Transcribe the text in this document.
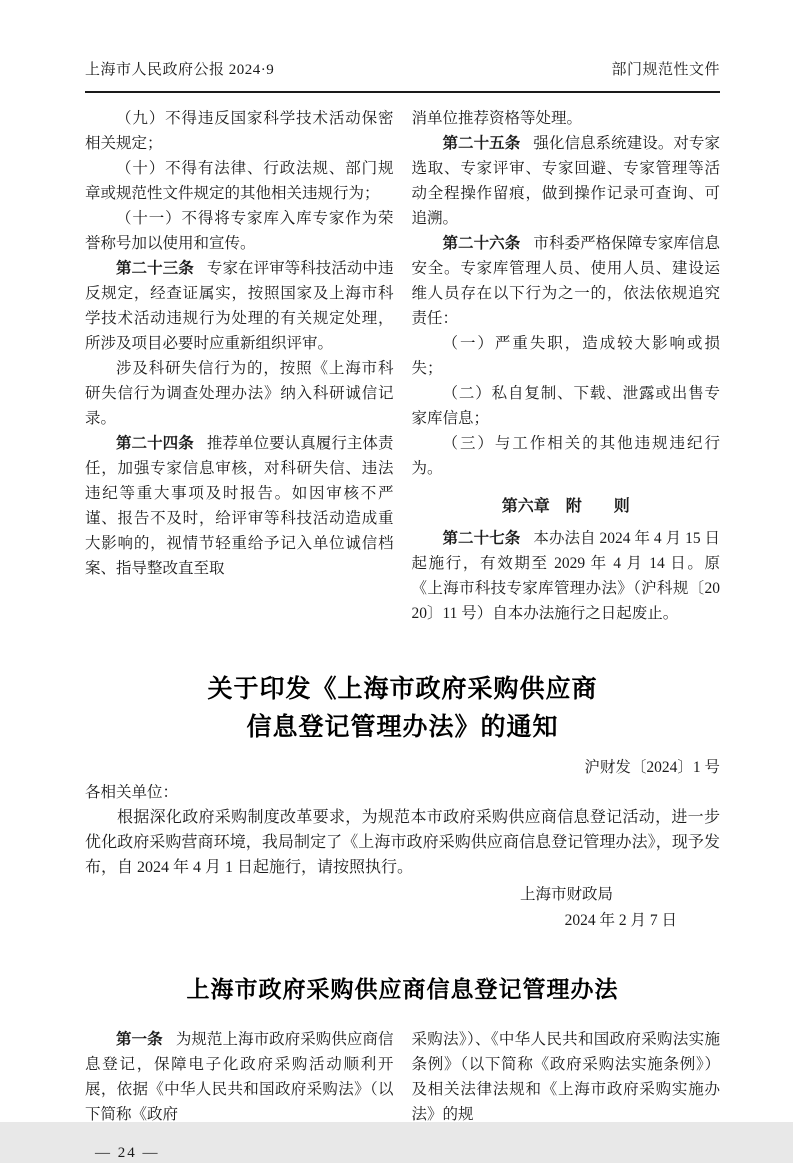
上海市人民政府公报 2024·9	部门规范性文件

（九）不得违反国家科学技术活动保密相关规定；

（十）不得有法律、行政法规、部门规章或规范性文件规定的其他相关违规行为；

（十一）不得将专家库入库专家作为荣誉称号加以使用和宣传。

第二十三条 专家在评审等科技活动中违反规定，经查证属实，按照国家及上海市科学技术活动违规行为处理的有关规定处理，所涉及项目必要时应重新组织评审。

涉及科研失信行为的，按照《上海市科研失信行为调查处理办法》纳入科研诚信记录。

第二十四条 推荐单位要认真履行主体责任，加强专家信息审核，对科研失信、违法违纪等重大事项及时报告。如因审核不严谨、报告不及时，给评审等科技活动造成重大影响的，视情节轻重给予记入单位诚信档案、指导整改直至取

消单位推荐资格等处理。

第二十五条 强化信息系统建设。对专家选取、专家评审、专家回避、专家管理等活动全程操作留痕，做到操作记录可查询、可追溯。

第二十六条 市科委严格保障专家库信息安全。专家库管理人员、使用人员、建设运维人员存在以下行为之一的，依法依规追究责任：

（一）严重失职，造成较大影响或损失；

（二）私自复制、下载、泄露或出售专家库信息；

（三）与工作相关的其他违规违纪行为。

第六章　附　　则

第二十七条 本办法自 2024 年 4 月 15 日起施行，有效期至 2029 年 4 月 14 日。原《上海市科技专家库管理办法》（沪科规〔2020〕11 号）自本办法施行之日起废止。

关于印发《上海市政府采购供应商
信息登记管理办法》的通知
沪财发〔2024〕1 号
各相关单位：

根据深化政府采购制度改革要求，为规范本市政府采购供应商信息登记活动，进一步优化政府采购营商环境，我局制定了《上海市政府采购供应商信息登记管理办法》，现予发布，自 2024 年 4 月 1 日起施行，请按照执行。

上海市财政局
2024 年 2 月 7 日
上海市政府采购供应商信息登记管理办法

第一条 为规范上海市政府采购供应商信息登记，保障电子化政府采购活动顺利开展，依据《中华人民共和国政府采购法》（以下简称《政府

采购法》）、《中华人民共和国政府采购法实施条例》（以下简称《政府采购法实施条例》） 及相关法律法规和《上海市政府采购实施办法》的规

— 24 —
